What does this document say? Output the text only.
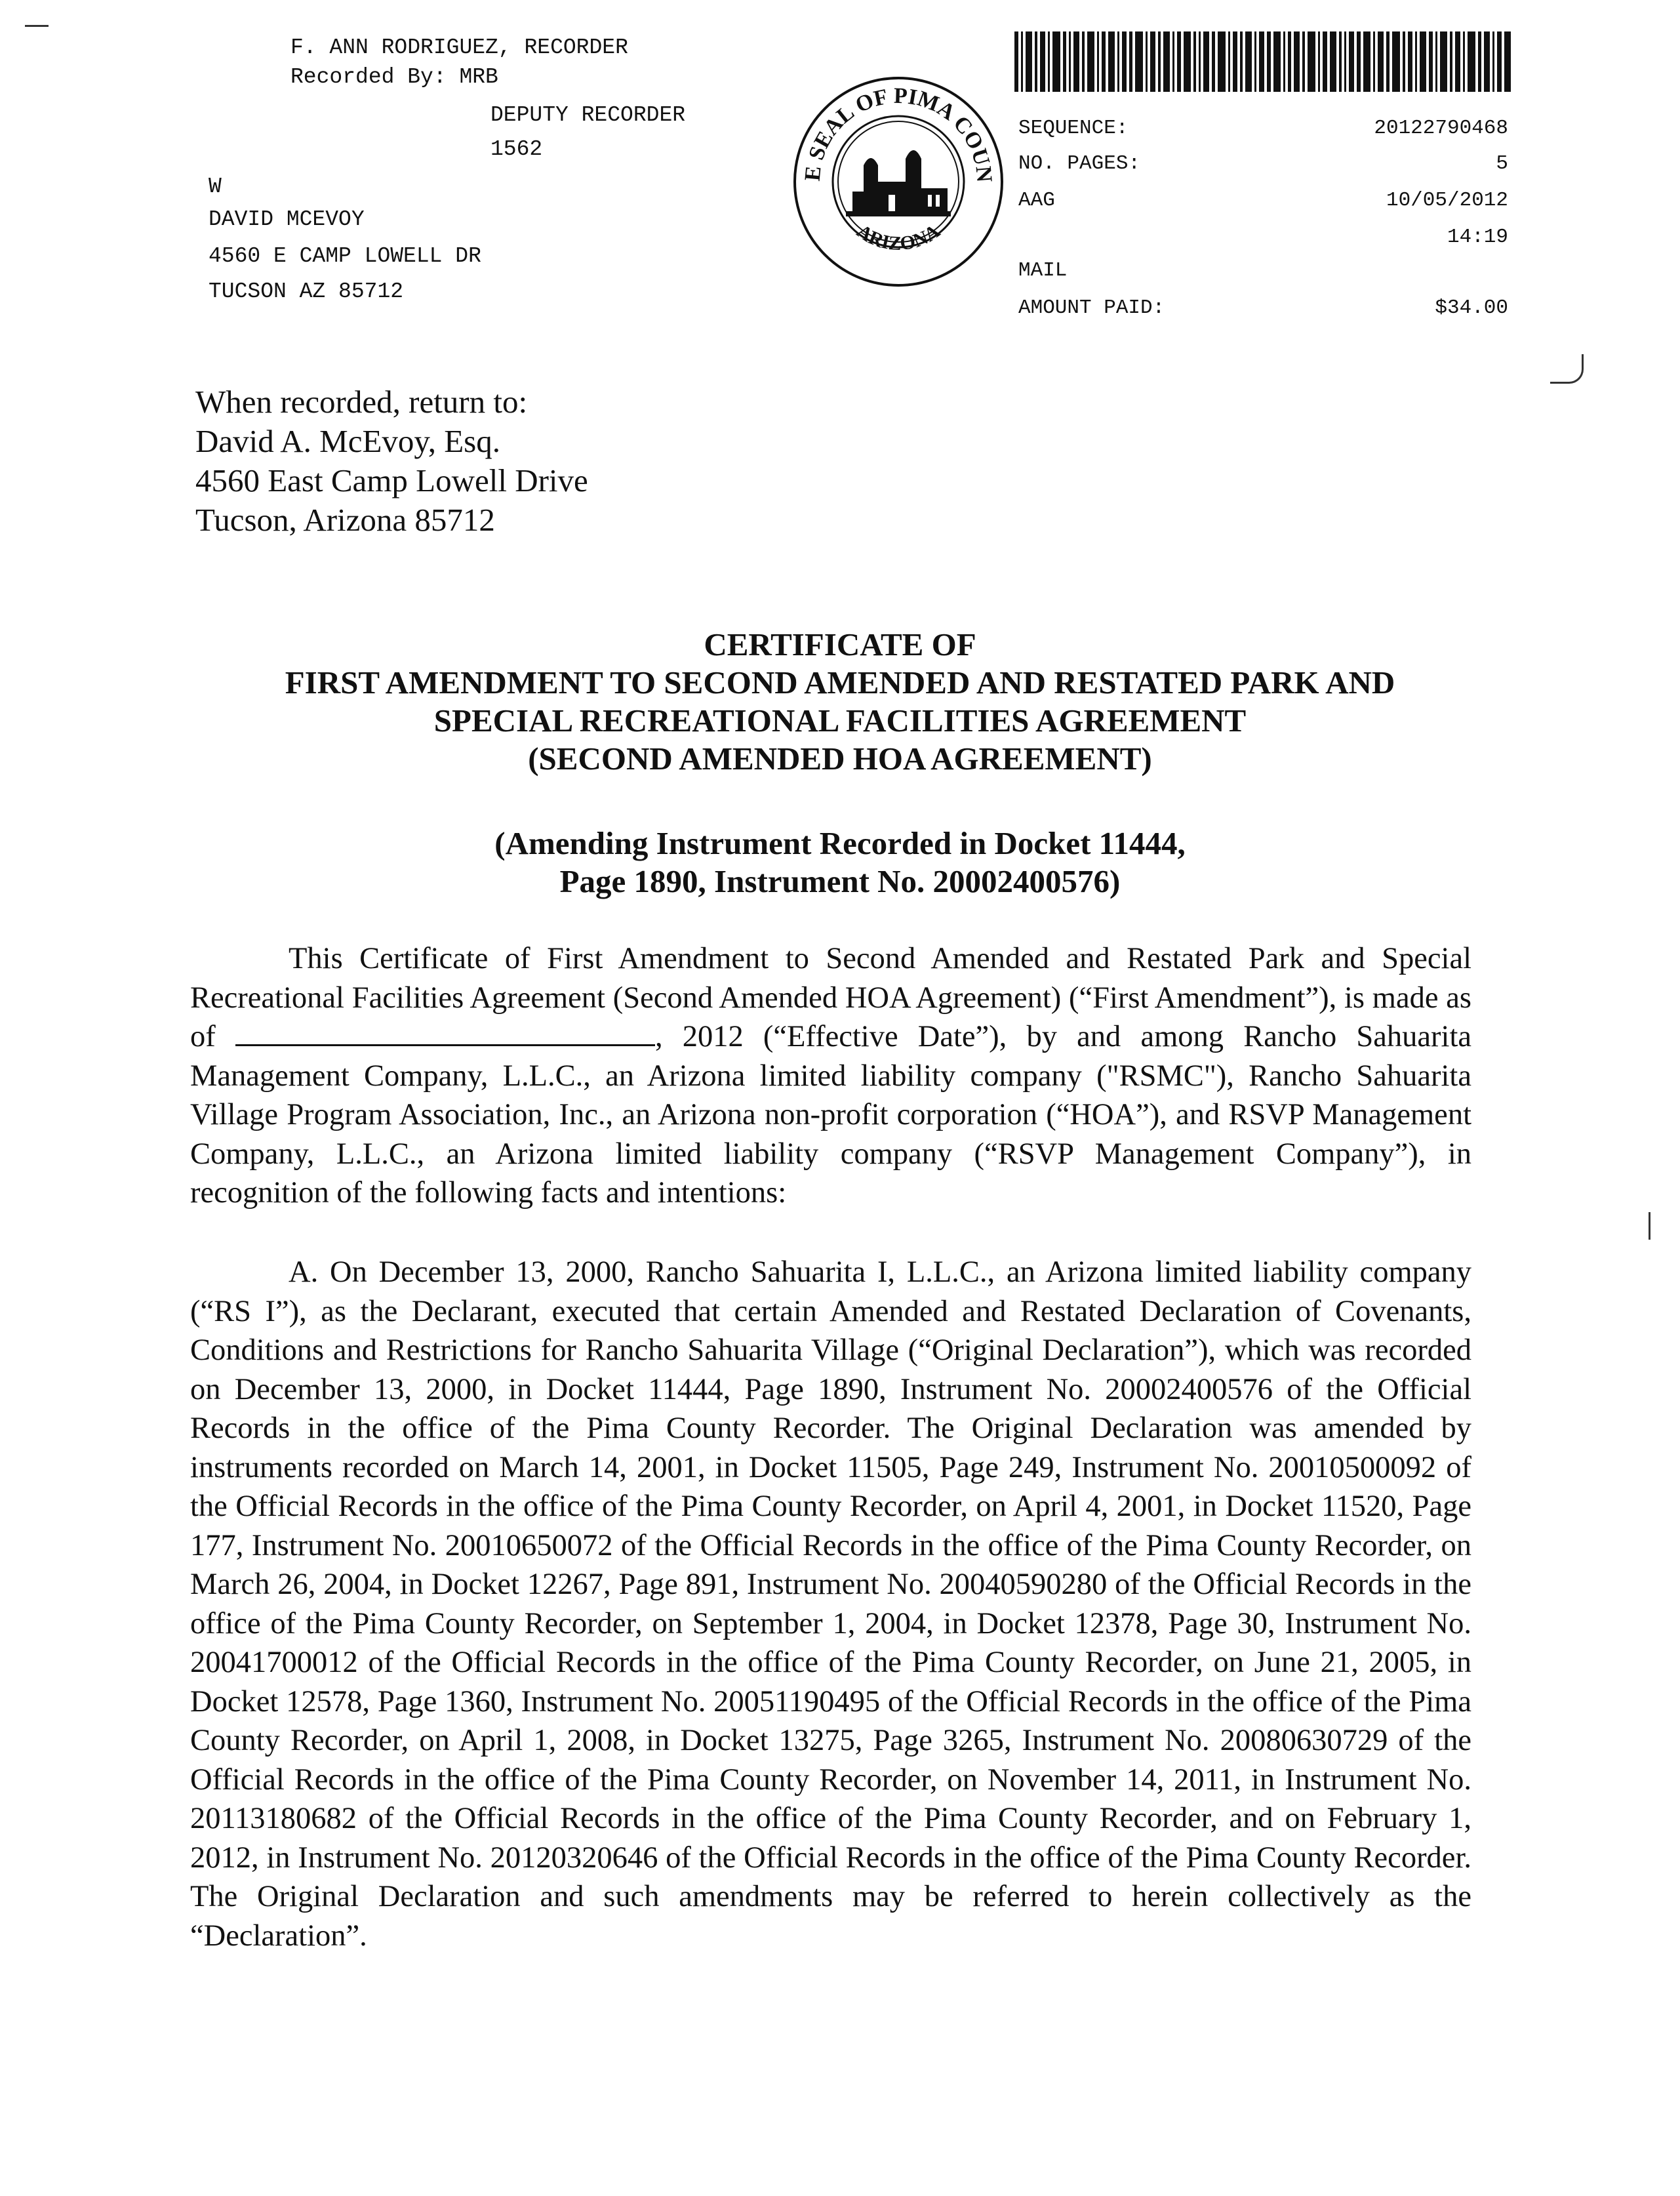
F. ANN RODRIGUEZ, RECORDER
Recorded By: MRB
DEPUTY RECORDER
1562
W
DAVID MCEVOY
4560 E CAMP LOWELL DR
TUCSON AZ 85712
E SEAL OF PIMA COUN
ARIZONA
SEQUENCE:	20122790468
NO. PAGES:	5
AAG	10/05/2012
14:19
MAIL
AMOUNT PAID:	$34.00
When recorded, return to:
David A. McEvoy, Esq.
4560 East Camp Lowell Drive
Tucson, Arizona 85712
CERTIFICATE OF
FIRST AMENDMENT TO SECOND AMENDED AND RESTATED PARK AND
SPECIAL RECREATIONAL FACILITIES AGREEMENT
(SECOND AMENDED HOA AGREEMENT)
(Amending Instrument Recorded in Docket 11444,
Page 1890, Instrument No. 20002400576)

This Certificate of First Amendment to Second Amended and Restated Park and Special Recreational Facilities Agreement (Second Amended HOA Agreement) (“First Amendment”), is made as of	, 2012 (“Effective Date”), by and among Rancho Sahuarita Management Company, L.L.C., an Arizona limited liability company ("RSMC"), Rancho Sahuarita Village Program Association, Inc., an Arizona non-profit corporation (“HOA”), and RSVP Management Company, L.L.C., an Arizona limited liability company (“RSVP Management Company”), in recognition of the following facts and intentions:

A. On December 13, 2000, Rancho Sahuarita I, L.L.C., an Arizona limited liability company (“RS I”), as the Declarant, executed that certain Amended and Restated Declaration of Covenants, Conditions and Restrictions for Rancho Sahuarita Village (“Original Declaration”), which was recorded on December 13, 2000, in Docket 11444, Page 1890, Instrument No. 20002400576 of the Official Records in the office of the Pima County Recorder. The Original Declaration was amended by instruments recorded on March 14, 2001, in Docket 11505, Page 249, Instrument No. 20010500092 of the Official Records in the office of the Pima County Recorder, on April 4, 2001, in Docket 11520, Page 177, Instrument No. 20010650072 of the Official Records in the office of the Pima County Recorder, on March 26, 2004, in Docket 12267, Page 891, Instrument No. 20040590280 of the Official Records in the office of the Pima County Recorder, on September 1, 2004, in Docket 12378, Page 30, Instrument No. 20041700012 of the Official Records in the office of the Pima County Recorder, on June 21, 2005, in Docket 12578, Page 1360, Instrument No. 20051190495 of the Official Records in the office of the Pima County Recorder, on April 1, 2008, in Docket 13275, Page 3265, Instrument No. 20080630729 of the Official Records in the office of the Pima County Recorder, on November 14, 2011, in Instrument No. 20113180682 of the Official Records in the office of the Pima County Recorder, and on February 1, 2012, in Instrument No. 20120320646 of the Official Records in the office of the Pima County Recorder. The Original Declaration and such amendments may be referred to herein collectively as the “Declaration”.
